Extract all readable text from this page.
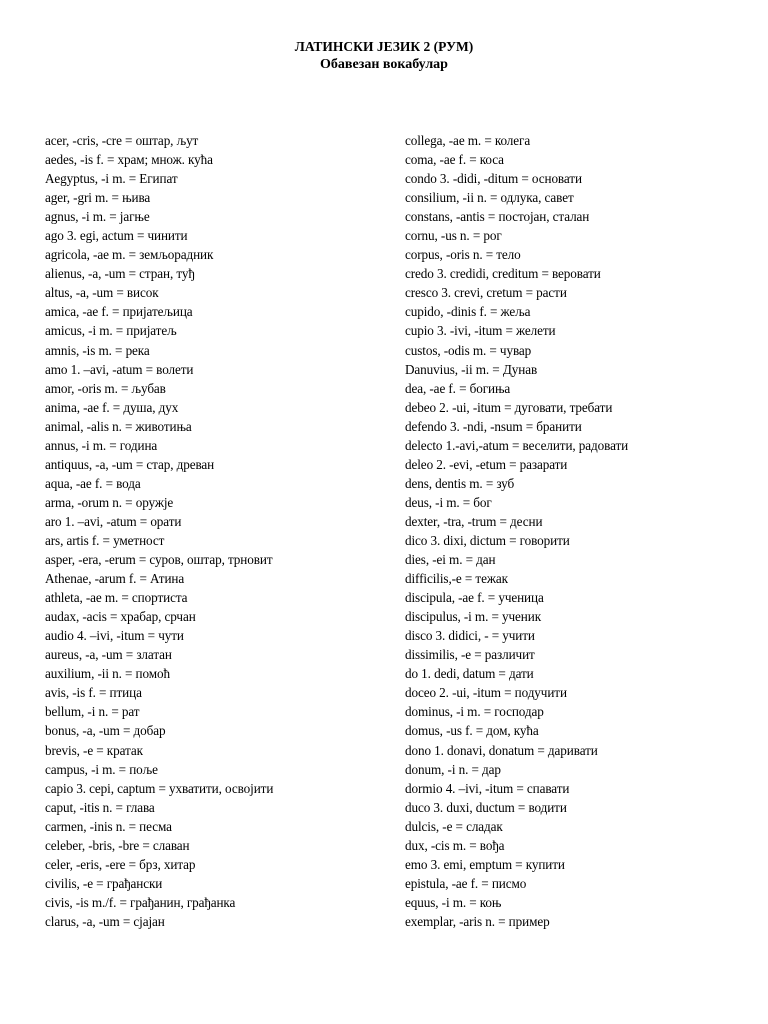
ЛАТИНСКИ ЈЕЗИК 2 (РУМ)
Обавезан вокабулар
acer, -cris, -cre = оштар, љут
aedes, -is f. = храм; множ. кућа
Aegyptus, -i m. = Египат
ager, -gri m. = њива
agnus, -i m. = јагње
ago 3. egi, actum = чинити
agricola, -ae m. = земљорадник
alienus, -a, -um = стран, туђ
altus, -a, -um = висок
amica, -ae f. = пријатељица
amicus, -i m. = пријатељ
amnis, -is m. = река
amo 1. –avi, -atum = волети
amor, -oris m. = љубав
anima, -ae f. = душа, дух
animal, -alis n. = животиња
annus, -i m. = година
antiquus, -a, -um = стар, древан
aqua, -ae f. = вода
arma, -orum n. = оружје
aro 1. –avi, -atum = орати
ars, artis f. = уметност
asper, -era, -erum = суров, оштар, трновит
Athenae, -arum f. = Атина
athleta, -ae m. = спортиста
audax, -acis = храбар, срчан
audio 4. –ivi, -itum = чути
aureus, -a, -um = златан
auxilium, -ii n. = помоћ
avis, -is f. = птица
bellum, -i n. = рат
bonus, -a, -um = добар
brevis, -e = кратак
campus, -i m. = поље
capio 3. cepi, captum = ухватити, освојити
caput, -itis n. = глава
carmen, -inis n. = песма
celeber, -bris, -bre = славан
celer, -eris, -ere = брз, хитар
civilis, -e = грађански
civis, -is m./f. = грађанин, грађанка
clarus, -a, -um = сјајан
collega, -ae m. = колега
coma, -ae f. = коса
condo 3. -didi, -ditum = основати
consilium, -ii n. = одлука, савет
constans, -antis = постојан, сталан
cornu, -us n. = рог
corpus, -oris n. = тело
credo 3. credidi, creditum = веровати
cresco 3. crevi, cretum = расти
cupido, -dinis f. = жеља
cupio 3. -ivi, -itum = желети
custos, -odis m. = чувар
Danuvius, -ii m. = Дунав
dea, -ae f. = богиња
debeo 2. -ui, -itum = дуговати, требати
defendo 3. -ndi, -nsum = бранити
delecto 1.-avi,-atum = веселити, радовати
deleo 2. -evi, -etum = разарати
dens, dentis m. = зуб
deus, -i m. = бог
dexter, -tra, -trum = десни
dico 3. dixi, dictum = говорити
dies, -ei m. = дан
difficilis,-e = тежак
discipula, -ae f. = ученица
discipulus, -i m. = ученик
disco 3. didici, - = учити
dissimilis, -e = различит
do 1. dedi, datum = дати
doceo 2. -ui, -itum = подучити
dominus, -i m. = господар
domus, -us f. = дом, кућа
dono 1. donavi, donatum = даривати
donum, -i n. = дар
dormio 4. –ivi, -itum = спавати
duco 3. duxi, ductum = водити
dulcis, -e = сладак
dux, -cis m. = вођа
emo 3. emi, emptum = купити
epistula, -ae f. = писмо
equus, -i m. = коњ
exemplar, -aris n. = пример
